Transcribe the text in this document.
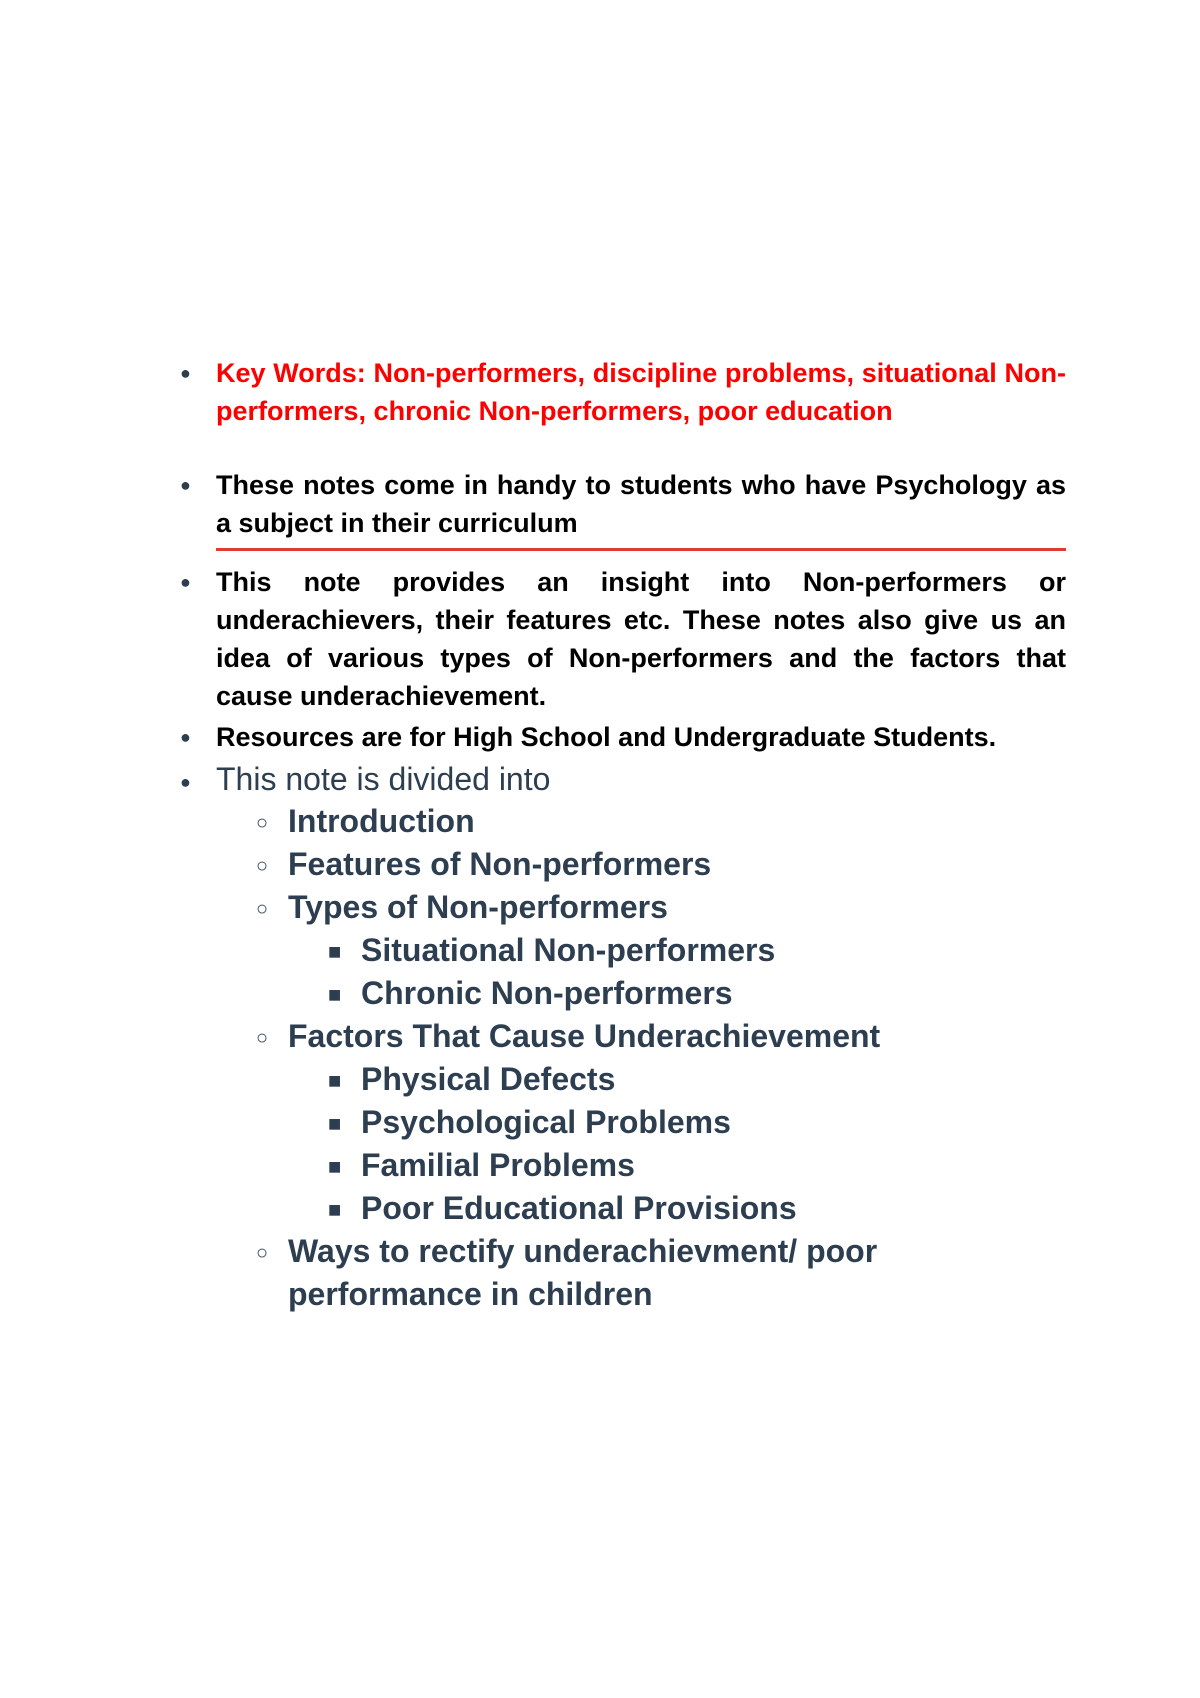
● Key Words: Non-performers, discipline problems, situational Non-performers, chronic Non-performers, poor education
● These notes come in handy to students who have Psychology as a subject in their curriculum
● This note provides an insight into Non-performers or underachievers, their features etc. These notes also give us an idea of various types of Non-performers and the factors that cause underachievement.
● Resources are for High School and Undergraduate Students.
● This note is divided into
○ Introduction
○ Features of Non-performers
○ Types of Non-performers
■ Situational Non-performers
■ Chronic Non-performers
○ Factors That Cause Underachievement
■ Physical Defects
■ Psychological Problems
■ Familial Problems
■ Poor Educational Provisions
○ Ways to rectify underachievment/ poor performance in children
